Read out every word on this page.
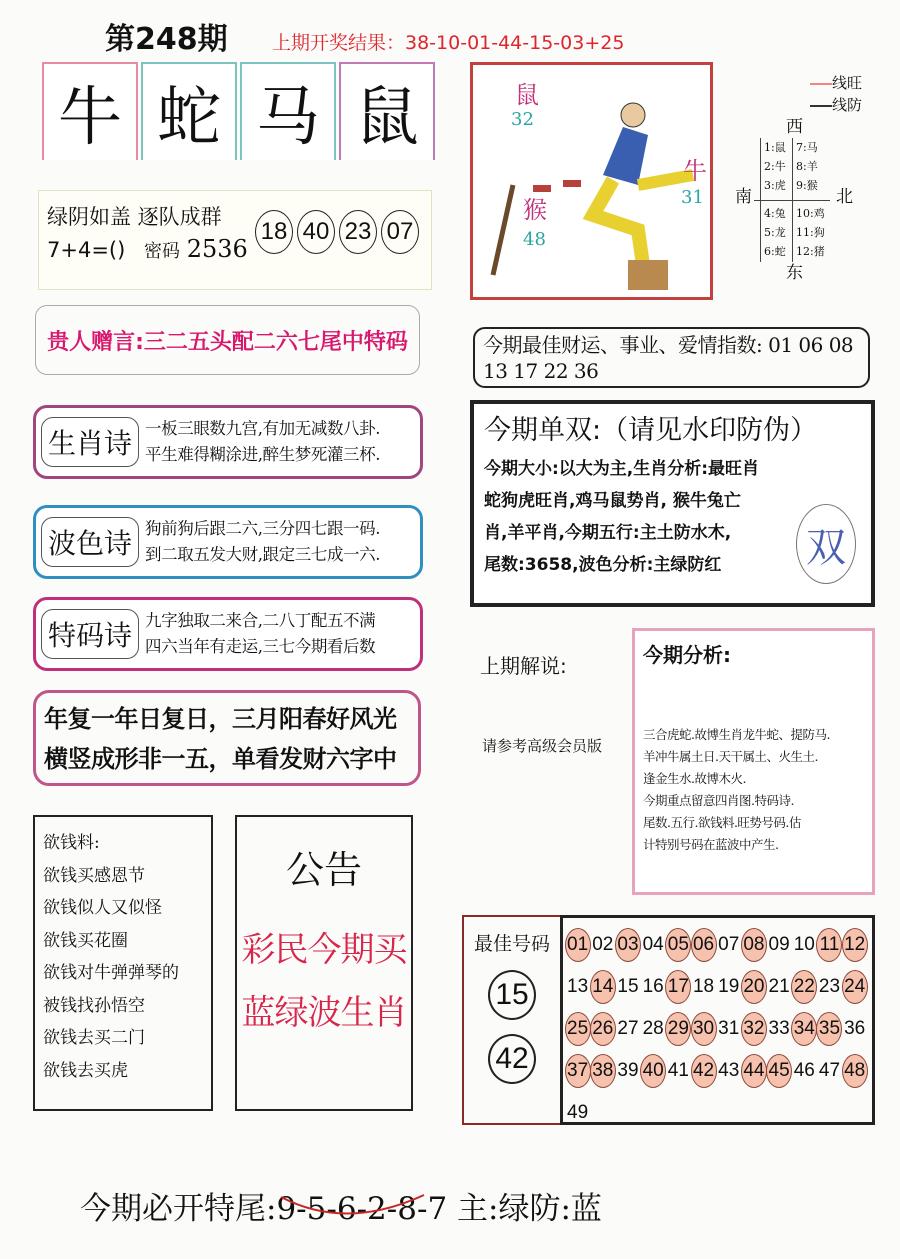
第248期 上期开奖结果：38-10-01-44-15-03+25
牛 蛇 马 鼠
绿阴如盖 逐队成群
7+4=() 密码 2536
18 40 23 07
贵人赠言:三二五头配二六七尾中特码
生肖诗 一板三眼数九宫,有加无减数八卦.
平生难得糊涂进,醉生梦死灌三杯.
波色诗 狗前狗后跟二六,三分四七跟一码.
到二取五发大财,跟定三七成一六.
特码诗 九字独取二来合,二八丁配五不满
四六当年有走运,三七今期看后数
年复一年日复日，三月阳春好风光
横竖成形非一五，单看发财六字中
欲钱料:
欲钱买感恩节
欲钱似人又似怪
欲钱买花圈
欲钱对牛弹弹琴的
被钱找孙悟空
欲钱去买二门
欲钱去买虎
公告
彩民今期买
蓝绿波生肖
鼠
32
猴
48
牛
31
线旺
线防
西
南	北
1:鼠
2:牛
3:虎
7:马
8:羊
9:猴
4:兔
5:龙
6:蛇
10:鸡
11:狗
12:猪
东
今期最佳财运、事业、爱情指数: 01 06 08 13 17 22 36
今期单双:（请见水印防伪）
今期大小:以大为主,生肖分析:最旺肖
蛇狗虎旺肖,鸡马鼠势肖, 猴牛兔亡
肖,羊平肖,今期五行:主土防水木,
尾数:3658,波色分析:主绿防红	双
上期解说:
请参考高级会员版
今期分析:
三合虎蛇.故博生肖龙牛蛇、提防马.
羊冲牛属土日.天干属土、火生土.
逢金生水.故博木火.
今期重点留意四肖图.特码诗.
尾数.五行.欲钱料.旺势号码.估
计特别号码在蓝波中产生.
最佳号码
15
42
01 02 03 04 05 06 07 08 09 10 11 12
13 14 15 16 17 18 19 20 21 22 23 24
25 26 27 28 29 30 31 32 33 34 35 36
37 38 39 40 41 42 43 44 45 46 47 48
49
今期必开特尾:9-5-6-2-8-7
主:绿防:蓝
